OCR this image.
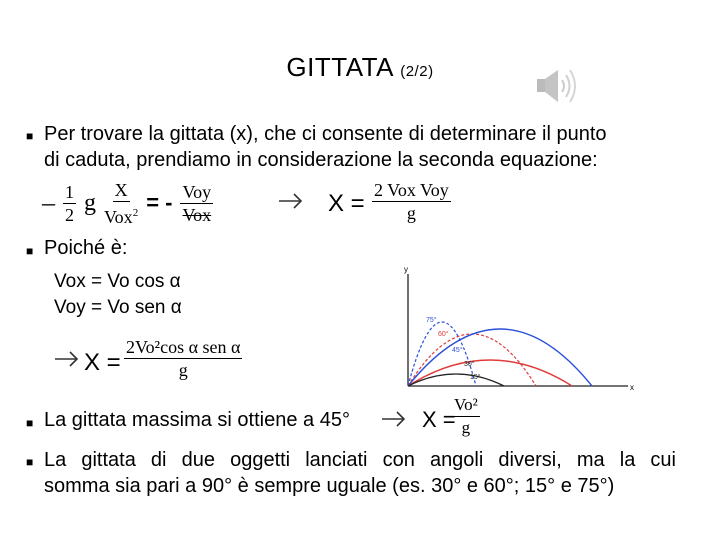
GITTATA (2/2)
■ Per trovare la gittata (x), che ci consente di determinare il punto
di caduta, prendiamo in considerazione la seconda equazione:
– $\frac{1}{2}$ g $\frac{X}{Vox^2}$ = - $\frac{\text{Voy}}{\text{Vox}}$	$X = \frac{\text{2 Vox Voy}}{g}$
■ Poiché è:
Vox = Vo cos α
Voy = Vo sen α
$X = \frac{\text{2Vo²cos α sen α}}{g}$
y
x
75°
60°
45°
30°
15°
■ La gittata massima si ottiene a 45°	X =
$\frac{\text{Vo²}}{g}$
■ La gittata di due oggetti lanciati con angoli diversi, ma la cui
somma sia pari a 90° è sempre uguale (es. 30° e 60°; 15° e 75°)
